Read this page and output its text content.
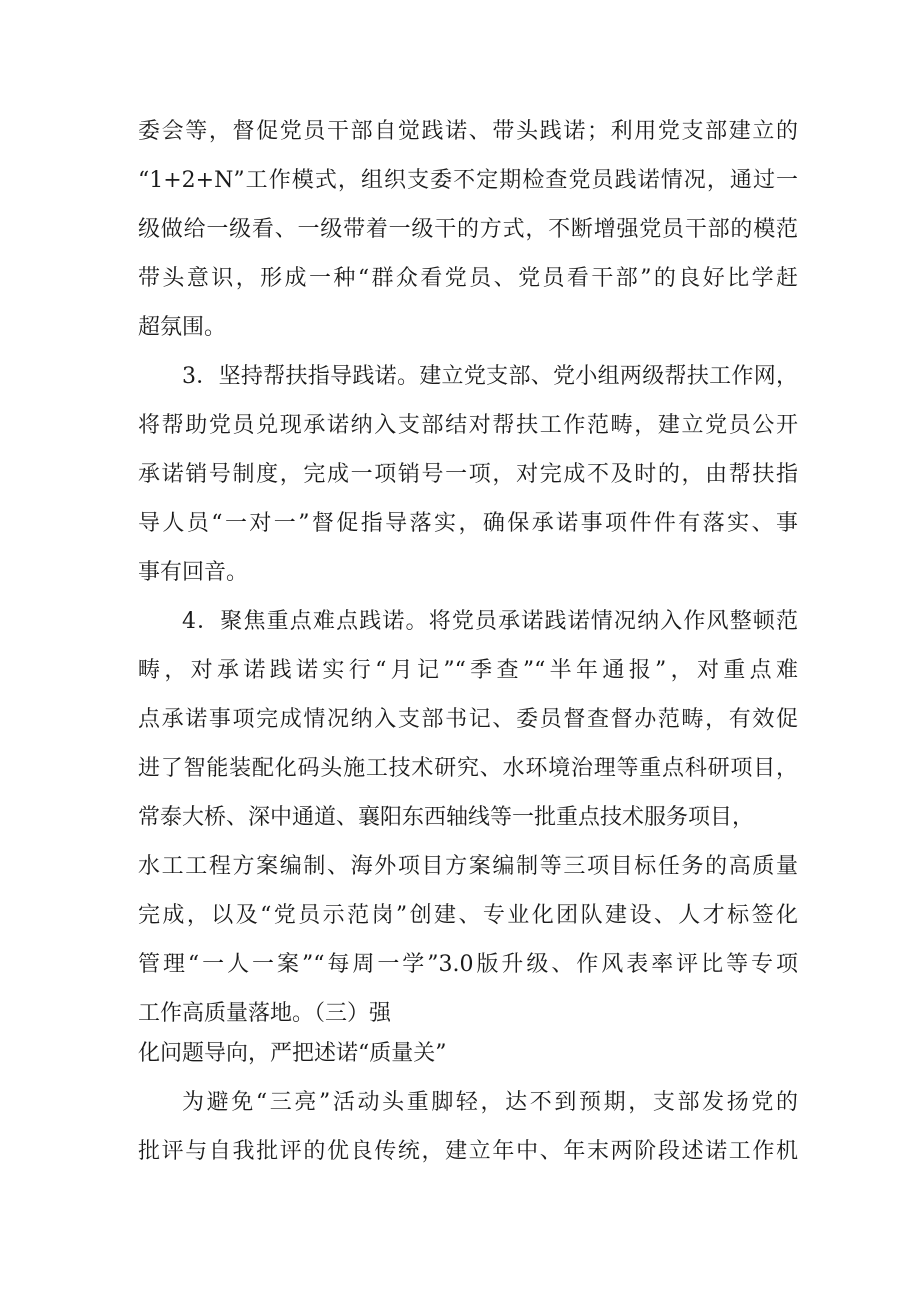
委会等，督促党员干部自觉践诺、带头践诺；利用党支部建立的
“1+2+N”工作模式，组织支委不定期检查党员践诺情况，通过一
级做给一级看、一级带着一级干的方式，不断增强党员干部的模范
带头意识，形成一种“群众看党员、党员看干部”的良好比学赶
超氛围。
3．坚持帮扶指导践诺。建立党支部、党小组两级帮扶工作网，
将帮助党员兑现承诺纳入支部结对帮扶工作范畴，建立党员公开
承诺销号制度，完成一项销号一项，对完成不及时的，由帮扶指
导人员“一对一”督促指导落实，确保承诺事项件件有落实、事
事有回音。
4．聚焦重点难点践诺。将党员承诺践诺情况纳入作风整顿范
畴，对承诺践诺实行“月记”“季查”“半年通报”，对重点难
点承诺事项完成情况纳入支部书记、委员督查督办范畴，有效促
进了智能装配化码头施工技术研究、水环境治理等重点科研项目，
常泰大桥、深中通道、襄阳东西轴线等一批重点技术服务项目，
水工工程方案编制、海外项目方案编制等三项目标任务的高质量
完成，以及“党员示范岗”创建、专业化团队建设、人才标签化
管理“一人一案”“每周一学”3.0版升级、作风表率评比等专项
工作高质量落地。（三）强
化问题导向，严把述诺“质量关”
为避免“三亮”活动头重脚轻，达不到预期，支部发扬党的
批评与自我批评的优良传统，建立年中、年末两阶段述诺工作机
